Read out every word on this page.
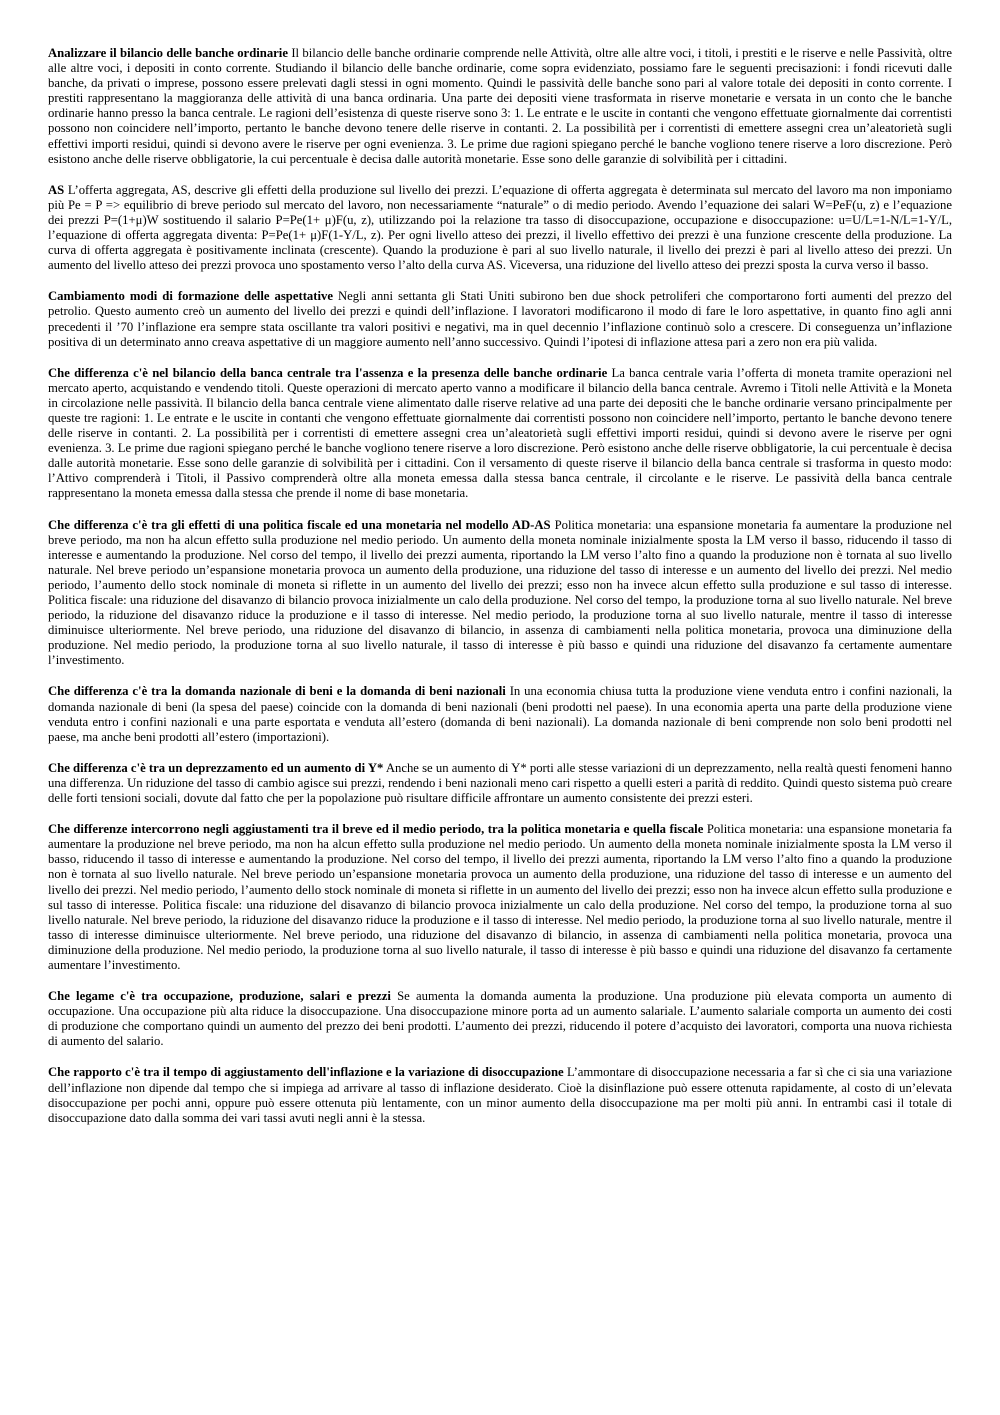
Analizzare il bilancio delle banche ordinarie Il bilancio delle banche ordinarie comprende nelle Attività, oltre alle altre voci, i titoli, i prestiti e le riserve e nelle Passività, oltre alle altre voci, i depositi in conto corrente. Studiando il bilancio delle banche ordinarie, come sopra evidenziato, possiamo fare le seguenti precisazioni: i fondi ricevuti dalle banche, da privati o imprese, possono essere prelevati dagli stessi in ogni momento. Quindi le passività delle banche sono pari al valore totale dei depositi in conto corrente. I prestiti rappresentano la maggioranza delle attività di una banca ordinaria. Una parte dei depositi viene trasformata in riserve monetarie e versata in un conto che le banche ordinarie hanno presso la banca centrale. Le ragioni dell’esistenza di queste riserve sono 3: 1. Le entrate e le uscite in contanti che vengono effettuate giornalmente dai correntisti possono non coincidere nell’importo, pertanto le banche devono tenere delle riserve in contanti. 2. La possibilità per i correntisti di emettere assegni crea un’aleatorietà sugli effettivi importi residui, quindi si devono avere le riserve per ogni evenienza. 3. Le prime due ragioni spiegano perché le banche vogliono tenere riserve a loro discrezione. Però esistono anche delle riserve obbligatorie, la cui percentuale è decisa dalle autorità monetarie. Esse sono delle garanzie di solvibilità per i cittadini.

AS L’offerta aggregata, AS, descrive gli effetti della produzione sul livello dei prezzi. L’equazione di offerta aggregata è determinata sul mercato del lavoro ma non imponiamo più Pe = P => equilibrio di breve periodo sul mercato del lavoro, non necessariamente “naturale” o di medio periodo. Avendo l’equazione dei salari W=PeF(u, z) e l’equazione dei prezzi P=(1+μ)W sostituendo il salario P=Pe(1+ μ)F(u, z), utilizzando poi la relazione tra tasso di disoccupazione, occupazione e disoccupazione: u=U/L=1-N/L=1-Y/L, l’equazione di offerta aggregata diventa: P=Pe(1+ μ)F(1-Y/L, z). Per ogni livello atteso dei prezzi, il livello effettivo dei prezzi è una funzione crescente della produzione. La curva di offerta aggregata è positivamente inclinata (crescente). Quando la produzione è pari al suo livello naturale, il livello dei prezzi è pari al livello atteso dei prezzi. Un aumento del livello atteso dei prezzi provoca uno spostamento verso l’alto della curva AS. Viceversa, una riduzione del livello atteso dei prezzi sposta la curva verso il basso.

Cambiamento modi di formazione delle aspettative Negli anni settanta gli Stati Uniti subirono ben due shock petroliferi che comportarono forti aumenti del prezzo del petrolio. Questo aumento creò un aumento del livello dei prezzi e quindi dell’inflazione. I lavoratori modificarono il modo di fare le loro aspettative, in quanto fino agli anni precedenti il ’70 l’inflazione era sempre stata oscillante tra valori positivi e negativi, ma in quel decennio l’inflazione continuò solo a crescere. Di conseguenza un’inflazione positiva di un determinato anno creava aspettative di un maggiore aumento nell’anno successivo. Quindi l’ipotesi di inflazione attesa pari a zero non era più valida.

Che differenza c'è nel bilancio della banca centrale tra l'assenza e la presenza delle banche ordinarie La banca centrale varia l’offerta di moneta tramite operazioni nel mercato aperto, acquistando e vendendo titoli. Queste operazioni di mercato aperto vanno a modificare il bilancio della banca centrale. Avremo i Titoli nelle Attività e la Moneta in circolazione nelle passività. Il bilancio della banca centrale viene alimentato dalle riserve relative ad una parte dei depositi che le banche ordinarie versano principalmente per queste tre ragioni: 1. Le entrate e le uscite in contanti che vengono effettuate giornalmente dai correntisti possono non coincidere nell’importo, pertanto le banche devono tenere delle riserve in contanti. 2. La possibilità per i correntisti di emettere assegni crea un’aleatorietà sugli effettivi importi residui, quindi si devono avere le riserve per ogni evenienza. 3. Le prime due ragioni spiegano perché le banche vogliono tenere riserve a loro discrezione. Però esistono anche delle riserve obbligatorie, la cui percentuale è decisa dalle autorità monetarie. Esse sono delle garanzie di solvibilità per i cittadini. Con il versamento di queste riserve il bilancio della banca centrale si trasforma in questo modo: l’Attivo comprenderà i Titoli, il Passivo comprenderà oltre alla moneta emessa dalla stessa banca centrale, il circolante e le riserve. Le passività della banca centrale rappresentano la moneta emessa dalla stessa che prende il nome di base monetaria.

Che differenza c'è tra gli effetti di una politica fiscale ed una monetaria nel modello AD-AS Politica monetaria: una espansione monetaria fa aumentare la produzione nel breve periodo, ma non ha alcun effetto sulla produzione nel medio periodo. Un aumento della moneta nominale inizialmente sposta la LM verso il basso, riducendo il tasso di interesse e aumentando la produzione. Nel corso del tempo, il livello dei prezzi aumenta, riportando la LM verso l’alto fino a quando la produzione non è tornata al suo livello naturale. Nel breve periodo un’espansione monetaria provoca un aumento della produzione, una riduzione del tasso di interesse e un aumento del livello dei prezzi. Nel medio periodo, l’aumento dello stock nominale di moneta si riflette in un aumento del livello dei prezzi; esso non ha invece alcun effetto sulla produzione e sul tasso di interesse. Politica fiscale: una riduzione del disavanzo di bilancio provoca inizialmente un calo della produzione. Nel corso del tempo, la produzione torna al suo livello naturale. Nel breve periodo, la riduzione del disavanzo riduce la produzione e il tasso di interesse. Nel medio periodo, la produzione torna al suo livello naturale, mentre il tasso di interesse diminuisce ulteriormente. Nel breve periodo, una riduzione del disavanzo di bilancio, in assenza di cambiamenti nella politica monetaria, provoca una diminuzione della produzione. Nel medio periodo, la produzione torna al suo livello naturale, il tasso di interesse è più basso e quindi una riduzione del disavanzo fa certamente aumentare l’investimento.

Che differenza c'è tra la domanda nazionale di beni e la domanda di beni nazionali In una economia chiusa tutta la produzione viene venduta entro i confini nazionali, la domanda nazionale di beni (la spesa del paese) coincide con la domanda di beni nazionali (beni prodotti nel paese). In una economia aperta una parte della produzione viene venduta entro i confini nazionali e una parte esportata e venduta all’estero (domanda di beni nazionali). La domanda nazionale di beni comprende non solo beni prodotti nel paese, ma anche beni prodotti all’estero (importazioni).

Che differenza c'è tra un deprezzamento ed un aumento di Y* Anche se un aumento di Y* porti alle stesse variazioni di un deprezzamento, nella realtà questi fenomeni hanno una differenza. Un riduzione del tasso di cambio agisce sui prezzi, rendendo i beni nazionali meno cari rispetto a quelli esteri a parità di reddito. Quindi questo sistema può creare delle forti tensioni sociali, dovute dal fatto che per la popolazione può risultare difficile affrontare un aumento consistente dei prezzi esteri.

Che differenze intercorrono negli aggiustamenti tra il breve ed il medio periodo, tra la politica monetaria e quella fiscale Politica monetaria: una espansione monetaria fa aumentare la produzione nel breve periodo, ma non ha alcun effetto sulla produzione nel medio periodo. Un aumento della moneta nominale inizialmente sposta la LM verso il basso, riducendo il tasso di interesse e aumentando la produzione. Nel corso del tempo, il livello dei prezzi aumenta, riportando la LM verso l’alto fino a quando la produzione non è tornata al suo livello naturale. Nel breve periodo un’espansione monetaria provoca un aumento della produzione, una riduzione del tasso di interesse e un aumento del livello dei prezzi. Nel medio periodo, l’aumento dello stock nominale di moneta si riflette in un aumento del livello dei prezzi; esso non ha invece alcun effetto sulla produzione e sul tasso di interesse. Politica fiscale: una riduzione del disavanzo di bilancio provoca inizialmente un calo della produzione. Nel corso del tempo, la produzione torna al suo livello naturale. Nel breve periodo, la riduzione del disavanzo riduce la produzione e il tasso di interesse. Nel medio periodo, la produzione torna al suo livello naturale, mentre il tasso di interesse diminuisce ulteriormente. Nel breve periodo, una riduzione del disavanzo di bilancio, in assenza di cambiamenti nella politica monetaria, provoca una diminuzione della produzione. Nel medio periodo, la produzione torna al suo livello naturale, il tasso di interesse è più basso e quindi una riduzione del disavanzo fa certamente aumentare l’investimento.

Che legame c'è tra occupazione, produzione, salari e prezzi Se aumenta la domanda aumenta la produzione. Una produzione più elevata comporta un aumento di occupazione. Una occupazione più alta riduce la disoccupazione. Una disoccupazione minore porta ad un aumento salariale. L’aumento salariale comporta un aumento dei costi di produzione che comportano quindi un aumento del prezzo dei beni prodotti. L’aumento dei prezzi, riducendo il potere d’acquisto dei lavoratori, comporta una nuova richiesta di aumento del salario.

Che rapporto c'è tra il tempo di aggiustamento dell'inflazione e la variazione di disoccupazione L’ammontare di disoccupazione necessaria a far sì che ci sia una variazione dell’inflazione non dipende dal tempo che si impiega ad arrivare al tasso di inflazione desiderato. Cioè la disinflazione può essere ottenuta rapidamente, al costo di un’elevata disoccupazione per pochi anni, oppure può essere ottenuta più lentamente, con un minor aumento della disoccupazione ma per molti più anni. In entrambi casi il totale di disoccupazione dato dalla somma dei vari tassi avuti negli anni è la stessa.
